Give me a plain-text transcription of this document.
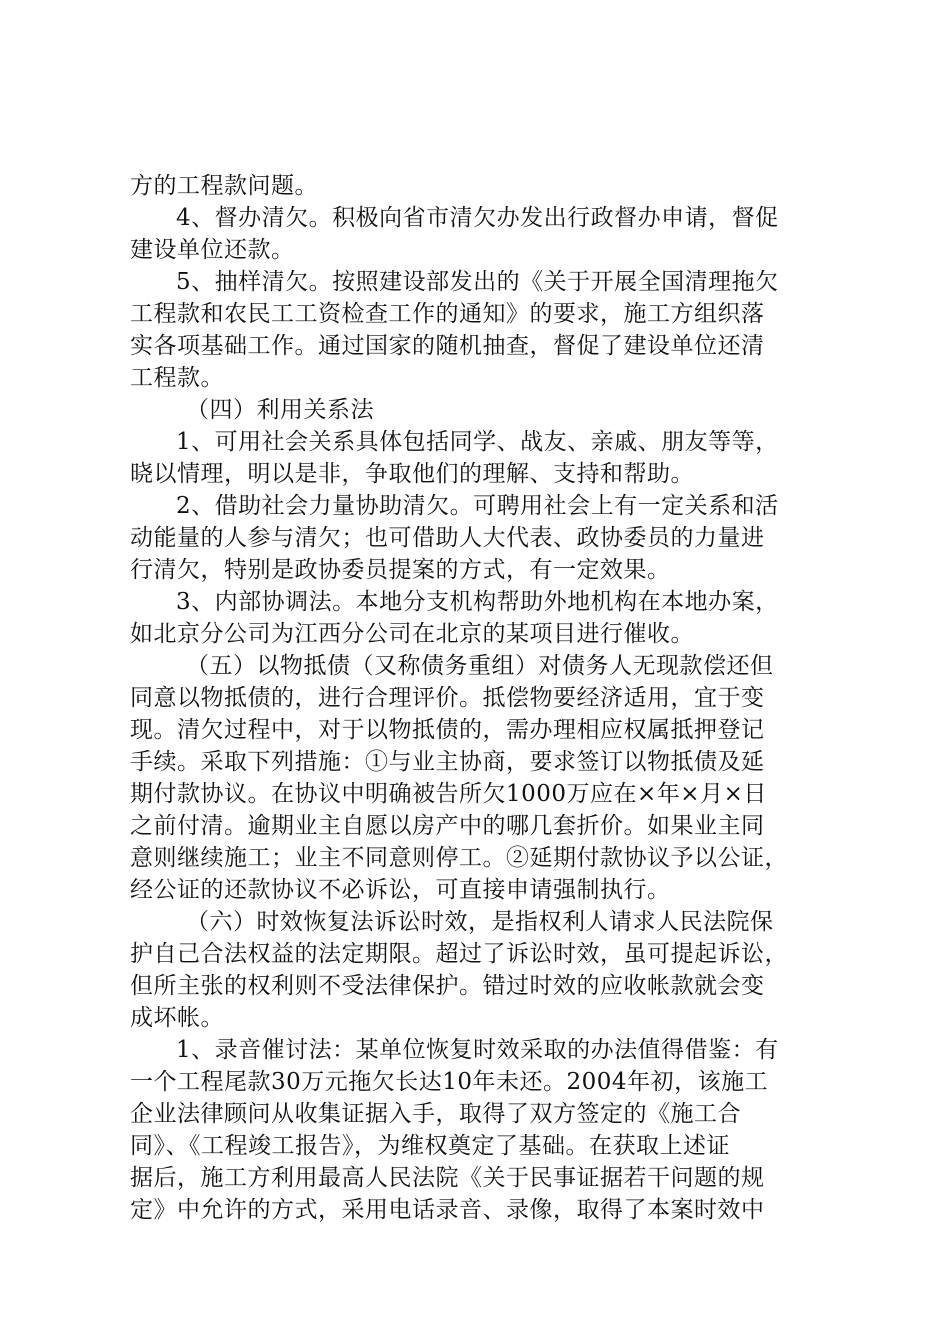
方的工程款问题。
4、督办清欠。积极向省市清欠办发出行政督办申请，督促
建设单位还款。
5、抽样清欠。按照建设部发出的《关于开展全国清理拖欠
工程款和农民工工资检查工作的通知》的要求，施工方组织落
实各项基础工作。通过国家的随机抽查，督促了建设单位还清
工程款。
（四）利用关系法
1、可用社会关系具体包括同学、战友、亲戚、朋友等等，
晓以情理，明以是非，争取他们的理解、支持和帮助。
2、借助社会力量协助清欠。可聘用社会上有一定关系和活
动能量的人参与清欠；也可借助人大代表、政协委员的力量进
行清欠，特别是政协委员提案的方式，有一定效果。
3、内部协调法。本地分支机构帮助外地机构在本地办案，
如北京分公司为江西分公司在北京的某项目进行催收。
（五）以物抵债（又称债务重组）对债务人无现款偿还但
同意以物抵债的，进行合理评价。抵偿物要经济适用，宜于变
现。清欠过程中，对于以物抵债的，需办理相应权属抵押登记
手续。采取下列措施：①与业主协商，要求签订以物抵债及延
期付款协议。在协议中明确被告所欠1000万应在×年×月×日
之前付清。逾期业主自愿以房产中的哪几套折价。如果业主同
意则继续施工；业主不同意则停工。②延期付款协议予以公证，
经公证的还款协议不必诉讼，可直接申请强制执行。
（六）时效恢复法诉讼时效，是指权利人请求人民法院保
护自己合法权益的法定期限。超过了诉讼时效，虽可提起诉讼，
但所主张的权利则不受法律保护。错过时效的应收帐款就会变
成坏帐。
1、录音催讨法：某单位恢复时效采取的办法值得借鉴：有
一个工程尾款30万元拖欠长达10年未还。2004年初，该施工
企业法律顾问从收集证据入手，取得了双方签定的《施工合
同》、《工程竣工报告》，为维权奠定了基础。在获取上述证
据后，施工方利用最高人民法院《关于民事证据若干问题的规
定》中允许的方式，采用电话录音、录像，取得了本案时效中
